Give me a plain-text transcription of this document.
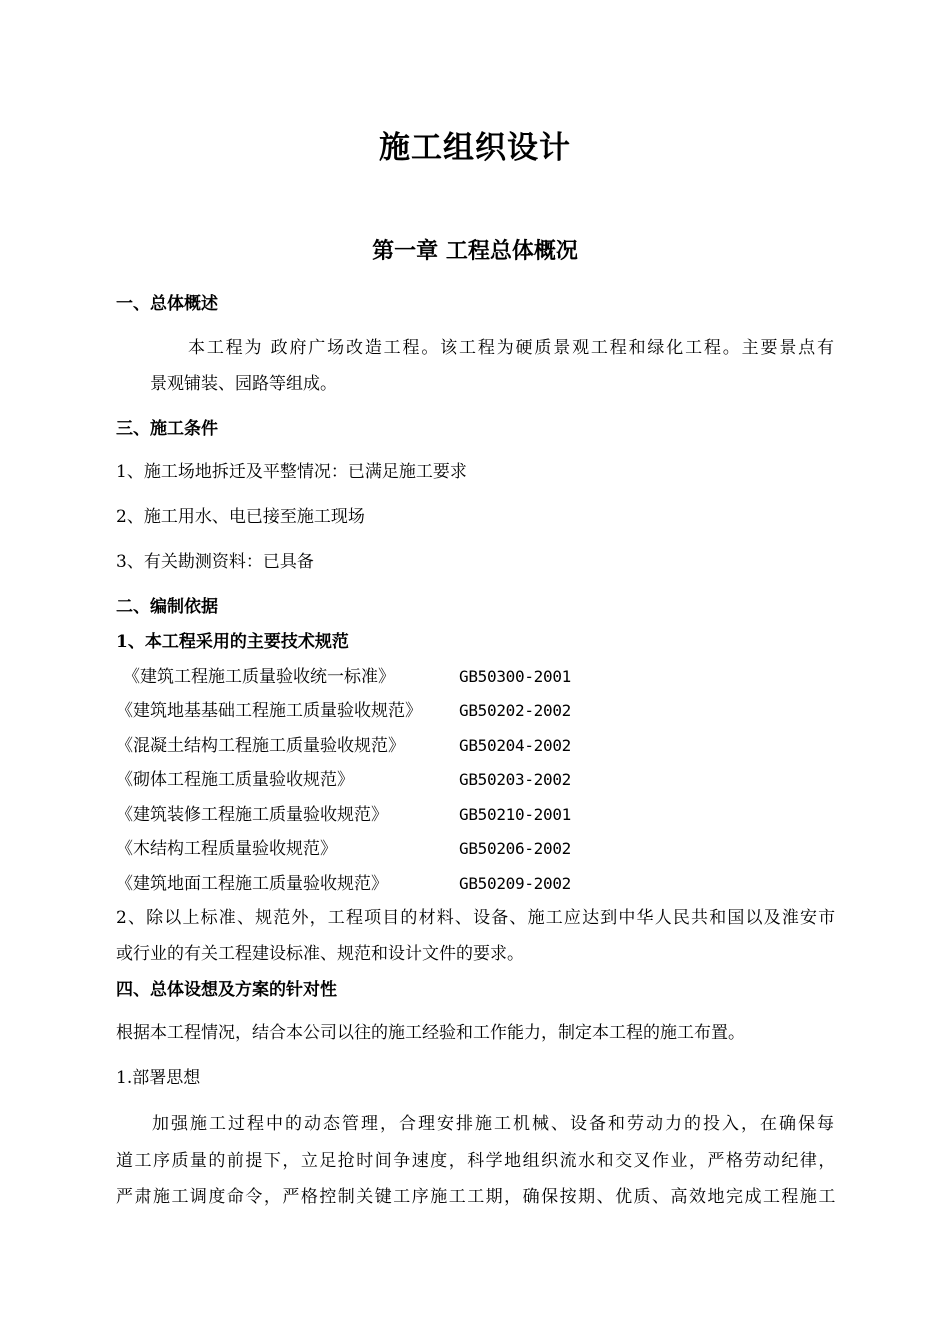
施工组织设计
第一章 工程总体概况
一、总体概述
本工程为 政府广场改造工程。该工程为硬质景观工程和绿化工程。主要景点有
景观铺装、园路等组成。
三、施工条件
1、施工场地拆迁及平整情况：已满足施工要求
2、施工用水、电已接至施工现场
3、有关勘测资料：已具备
二、编制依据
1、本工程采用的主要技术规范
《建筑工程施工质量验收统一标准》	GB50300-2001
《建筑地基基础工程施工质量验收规范》 GB50202-2002
《混凝土结构工程施工质量验收规范》	GB50204-2002
《砌体工程施工质量验收规范》	GB50203-2002
《建筑装修工程施工质量验收规范》	GB50210-2001
《木结构工程质量验收规范》	GB50206-2002
《建筑地面工程施工质量验收规范》	GB50209-2002
2、除以上标准、规范外，工程项目的材料、设备、施工应达到中华人民共和国以及淮安市
或行业的有关工程建设标准、规范和设计文件的要求。
四、总体设想及方案的针对性
根据本工程情况，结合本公司以往的施工经验和工作能力，制定本工程的施工布置。
1.部署思想
加强施工过程中的动态管理，合理安排施工机械、设备和劳动力的投入，在确保每
道工序质量的前提下，立足抢时间争速度，科学地组织流水和交叉作业，严格劳动纪律，
严肃施工调度命令，严格控制关键工序施工工期，确保按期、优质、高效地完成工程施工
